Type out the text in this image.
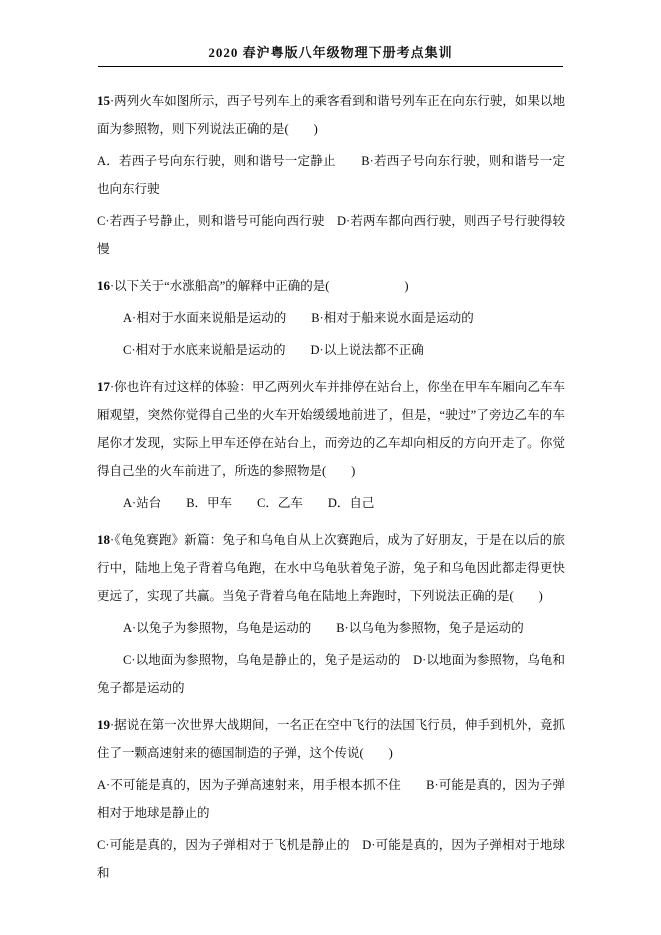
2020 春沪粤版八年级物理下册考点集训

15·两列火车如图所示，西子号列车上的乘客看到和谐号列车正在向东行驶，如果以地面为参照物，则下列说法正确的是(　　)

A．若西子号向东行驶，则和谐号一定静止　　B·若西子号向东行驶，则和谐号一定也向东行驶

C·若西子号静止，则和谐号可能向西行驶　D·若两车都向西行驶，则西子号行驶得较慢

16·以下关于“水涨船高”的解释中正确的是(　　　　　　)

A·相对于水面来说船是运动的　　B·相对于船来说水面是运动的

C·相对于水底来说船是运动的　　D·以上说法都不正确

17·你也许有过这样的体验：甲乙两列火车并排停在站台上，你坐在甲车车厢向乙车车厢观望，突然你觉得自己坐的火车开始缓缓地前进了，但是，“驶过”了旁边乙车的车尾你才发现，实际上甲车还停在站台上，而旁边的乙车却向相反的方向开走了。你觉得自己坐的火车前进了，所选的参照物是(　　)

A·站台　　B．甲车　　C．乙车　　D．自己

18·《龟兔赛跑》新篇：兔子和乌龟自从上次赛跑后，成为了好朋友，于是在以后的旅行中，陆地上兔子背着乌龟跑，在水中乌龟驮着兔子游，兔子和乌龟因此都走得更快更远了，实现了共赢。当兔子背着乌龟在陆地上奔跑时，下列说法正确的是(　　)

A·以兔子为参照物，乌龟是运动的　　B·以乌龟为参照物，兔子是运动的

C·以地面为参照物，乌龟是静止的，兔子是运动的　D·以地面为参照物，乌龟和兔子都是运动的

19·据说在第一次世界大战期间，一名正在空中飞行的法国飞行员，伸手到机外，竟抓住了一颗高速射来的德国制造的子弹，这个传说(　　)

A·不可能是真的，因为子弹高速射来，用手根本抓不住　　B·可能是真的，因为子弹相对于地球是静止的

C·可能是真的，因为子弹相对于飞机是静止的　D·可能是真的，因为子弹相对于地球和
